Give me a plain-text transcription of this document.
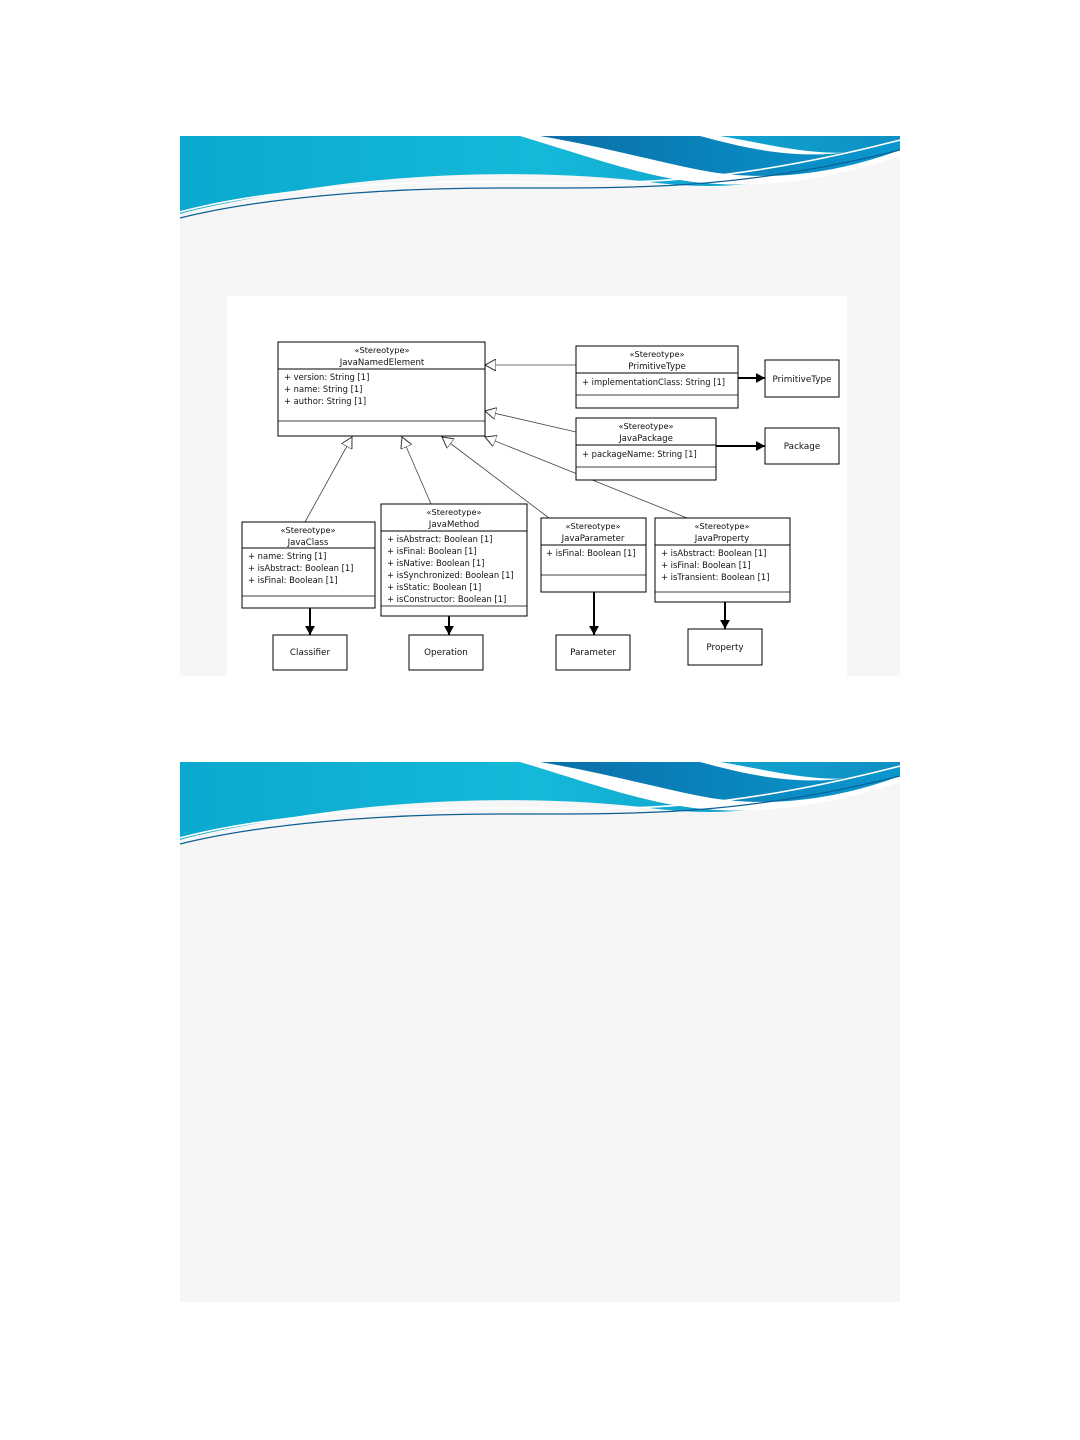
«Stereotype»
JavaNamedElement
+ version: String [1]
+ name: String [1]
+ author: String [1]
«Stereotype»
PrimitiveType
+ implementationClass: String [1]
«Stereotype»
JavaPackage
+ packageName: String [1]
«Stereotype»
JavaClass
+ name: String [1]
+ isAbstract: Boolean [1]
+ isFinal: Boolean [1]
«Stereotype»
JavaMethod
+ isAbstract: Boolean [1]
+ isFinal: Boolean [1]
+ isNative: Boolean [1]
+ isSynchronized: Boolean [1]
+ isStatic: Boolean [1]
+ isConstructor: Boolean [1]
«Stereotype»
JavaParameter
+ isFinal: Boolean [1]
«Stereotype»
JavaProperty
+ isAbstract: Boolean [1]
+ isFinal: Boolean [1]
+ isTransient: Boolean [1]
PrimitiveType
Package
Classifier	Operation	Parameter	Property
